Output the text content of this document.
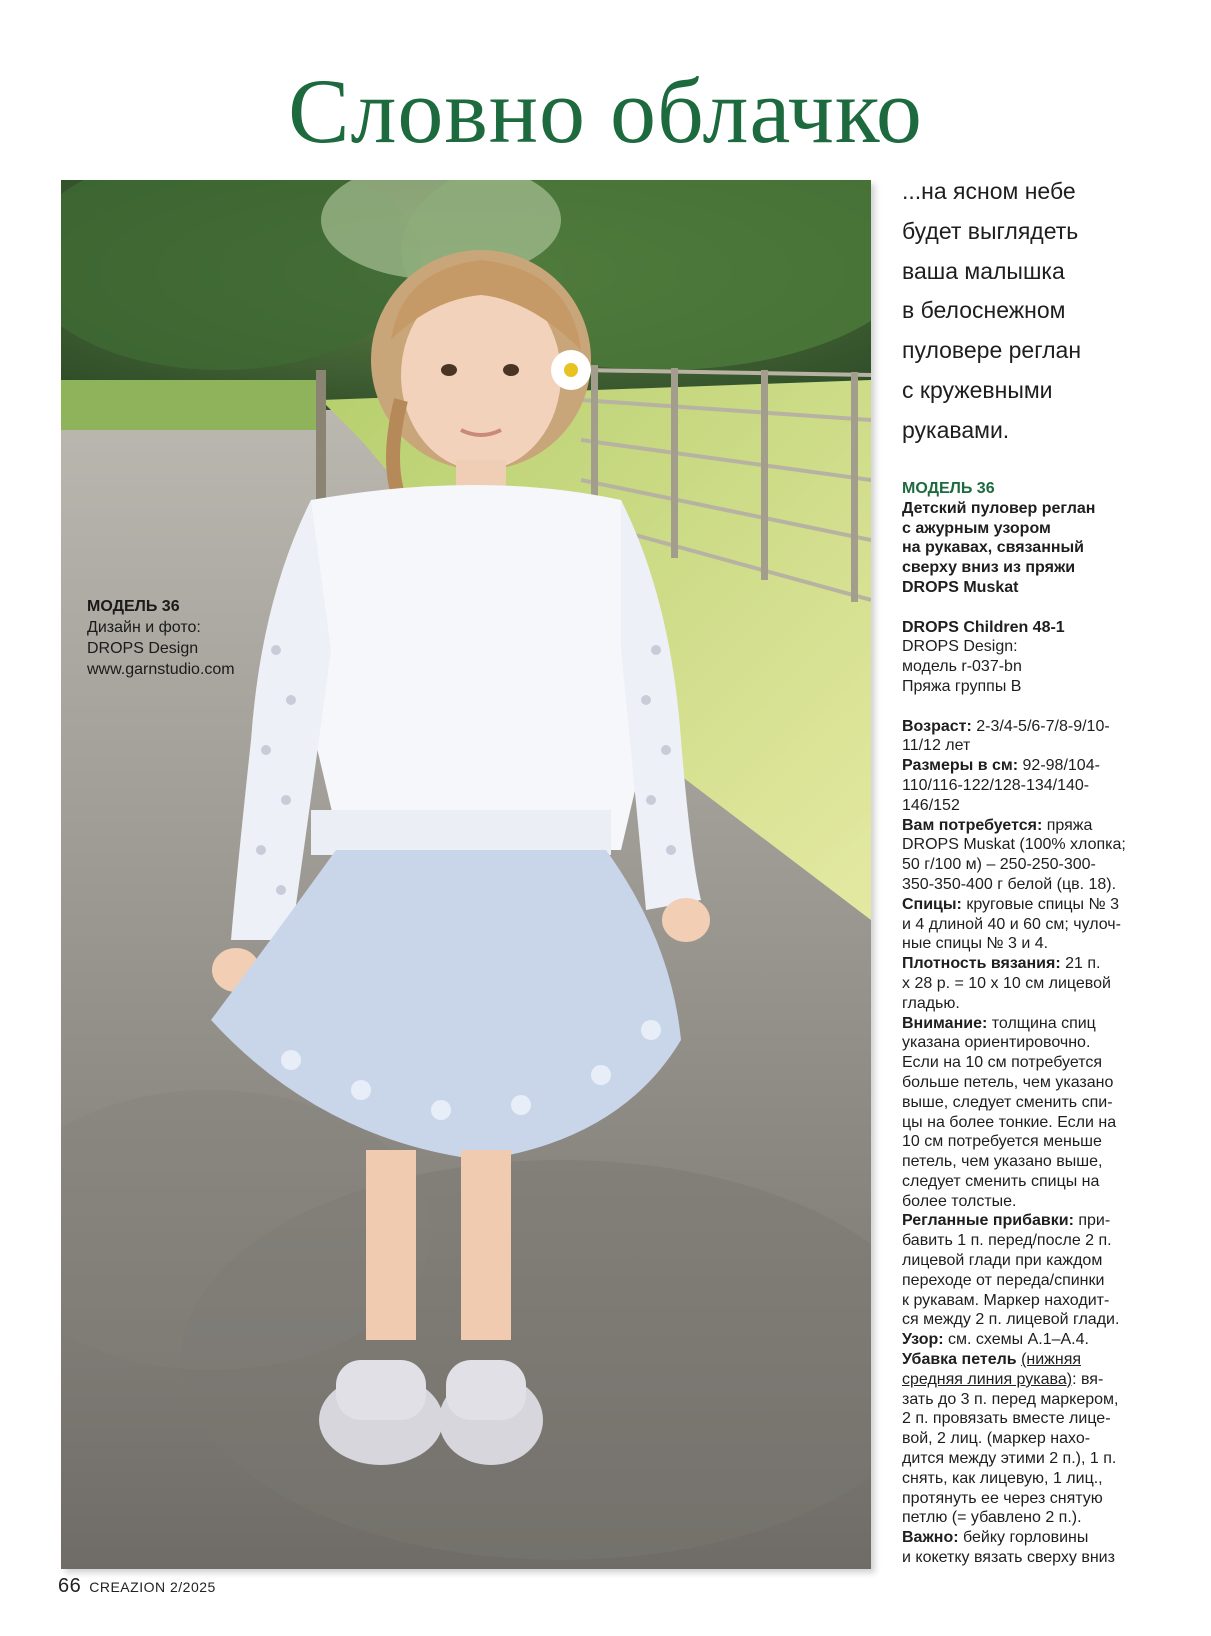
Словно облачко
МОДЕЛЬ 36
Дизайн и фото:
DROPS Design
www.garnstudio.com
...на ясном небе
будет выглядеть
ваша малышка
в белоснежном
пуловере реглан
с кружевными
рукавами.
МОДЕЛЬ 36
Детский пуловер реглан
с ажурным узором
на рукавах, связанный
сверху вниз из пряжи
DROPS Muskat
DROPS Children 48-1
DROPS Design:
модель r-037-bn
Пряжа группы В
Возраст: 2-3/4-5/6-7/8-9/10-
11/12 лет
Размеры в см: 92-98/104-
110/116-122/128-134/140-
146/152
Вам потребуется: пряжа
DROPS Muskat (100% хлопка;
50 г/100 м) – 250-250-300-
350-350-400 г белой (цв. 18).
Спицы: круговые спицы № 3
и 4 длиной 40 и 60 см; чулоч-
ные спицы № 3 и 4.
Плотность вязания: 21 п.
x 28 р. = 10 x 10 см лицевой
гладью.
Внимание: толщина спиц
указана ориентировочно.
Если на 10 см потребуется
больше петель, чем указано
выше, следует сменить спи-
цы на более тонкие. Если на
10 см потребуется меньше
петель, чем указано выше,
следует сменить спицы на
более толстые.
Регланные прибавки: при-
бавить 1 п. перед/после 2 п.
лицевой глади при каждом
переходе от переда/спинки
к рукавам. Маркер находит-
ся между 2 п. лицевой глади.
Узор: см. схемы А.1–А.4.
Убавка петель (нижняя
средняя линия рукава): вя-
зать до 3 п. перед маркером,
2 п. провязать вместе лице-
вой, 2 лиц. (маркер нахо-
дится между этими 2 п.), 1 п.
снять, как лицевую, 1 лиц.,
протянуть ее через снятую
петлю (= убавлено 2 п.).
Важно: бейку горловины
и кокетку вязать сверху вниз
66 CREAZION 2/2025
